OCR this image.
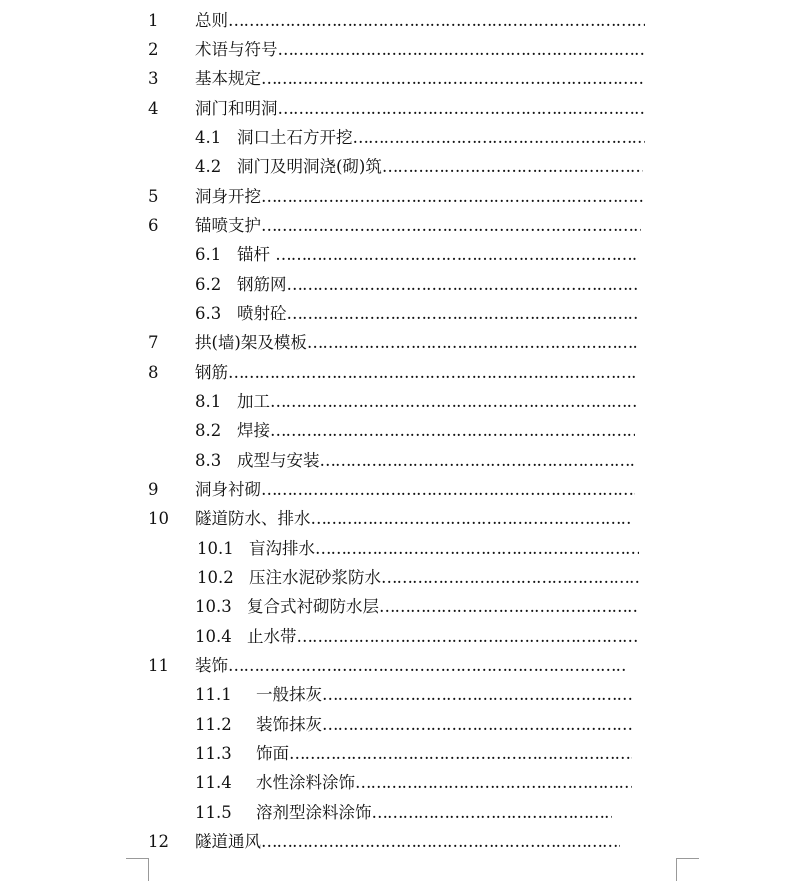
1 总则 ……………………………………………………………………………………………………………………………………………………
2 术语与符号 ……………………………………………………………………………………………………………………………………………………
3 基本规定 ……………………………………………………………………………………………………………………………………………………
4 洞门和明洞 ……………………………………………………………………………………………………………………………………………………
4.1 洞口土石方开挖 ……………………………………………………………………………………………………………………………………………………
4.2 洞门及明洞浇(砌)筑 ……………………………………………………………………………………………………………………………………………………
5 洞身开挖 ……………………………………………………………………………………………………………………………………………………
6 锚喷支护 ……………………………………………………………………………………………………………………………………………………
6.1 锚杆 ……………………………………………………………………………………………………………………………………………………
6.2 钢筋网 ……………………………………………………………………………………………………………………………………………………
6.3 喷射砼 ……………………………………………………………………………………………………………………………………………………
7 拱(墙)架及模板 ……………………………………………………………………………………………………………………………………………………
8 钢筋 ……………………………………………………………………………………………………………………………………………………
8.1 加工 ……………………………………………………………………………………………………………………………………………………
8.2 焊接 ……………………………………………………………………………………………………………………………………………………
8.3 成型与安装 ……………………………………………………………………………………………………………………………………………………
9 洞身衬砌 ……………………………………………………………………………………………………………………………………………………
10 隧道防水、排水 ……………………………………………………………………………………………………………………………………………………
10.1 盲沟排水 ……………………………………………………………………………………………………………………………………………………
10.2 压注水泥砂浆防水 ……………………………………………………………………………………………………………………………………………………
10.3 复合式衬砌防水层 ……………………………………………………………………………………………………………………………………………………
10.4 止水带 ……………………………………………………………………………………………………………………………………………………
11 装饰 ……………………………………………………………………………………………………………………………………………………
11.1 一般抹灰 ……………………………………………………………………………………………………………………………………………………
11.2 装饰抹灰 ……………………………………………………………………………………………………………………………………………………
11.3 饰面 ……………………………………………………………………………………………………………………………………………………
11.4 水性涂料涂饰 ……………………………………………………………………………………………………………………………………………………
11.5 溶剂型涂料涂饰 ……………………………………………………………………………………………………………………………………………………
12 隧道通风 ……………………………………………………………………………………………………………………………………………………
